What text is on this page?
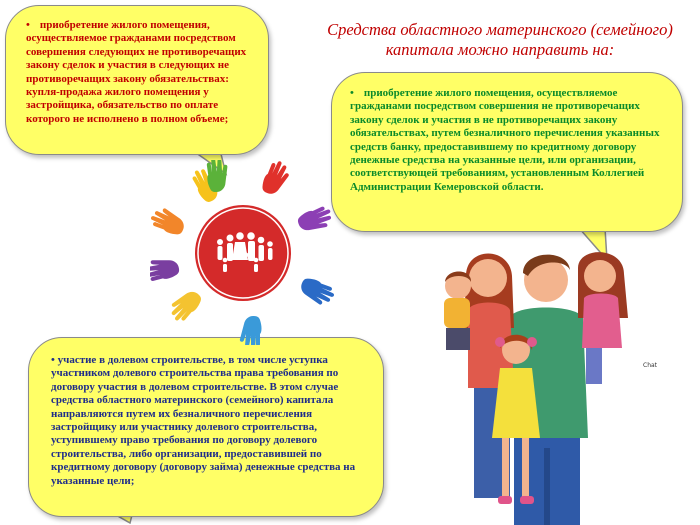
Средства областного материнского (семейного)
капитала можно направить на:

• приобретение жилого помещения, осуществляемое гражданами посредством совершения следующих не противоречащих закону сделок и участия в следующих не противоречащих закону обязательствах: купля-продажа жилого помещения у застройщика, обязательство по оплате которого не исполнено в полном объеме;

• приобретение жилого помещения, осуществляемое гражданами посредством совершения не противоречащих закону сделок и участия в не противоречащих закону обязательствах, путем безналичного перечисления указанных средств банку, предоставившему по кредитному договору денежные средства на указанные цели, или организации, соответствующей требованиям, установленным Коллегией Администрации Кемеровской области.

• участие в долевом строительстве, в том числе уступка участником долевого строительства права требования по договору участия в долевом строительстве. В этом случае средства областного материнского (семейного) капитала направляются путем их безналичного перечисления застройщику или участнику долевого строительства, уступившему право требования по договору долевого строительства, либо организации, предоставившей по кредитному договору (договору займа) денежные средства на указанные цели;

Chat
